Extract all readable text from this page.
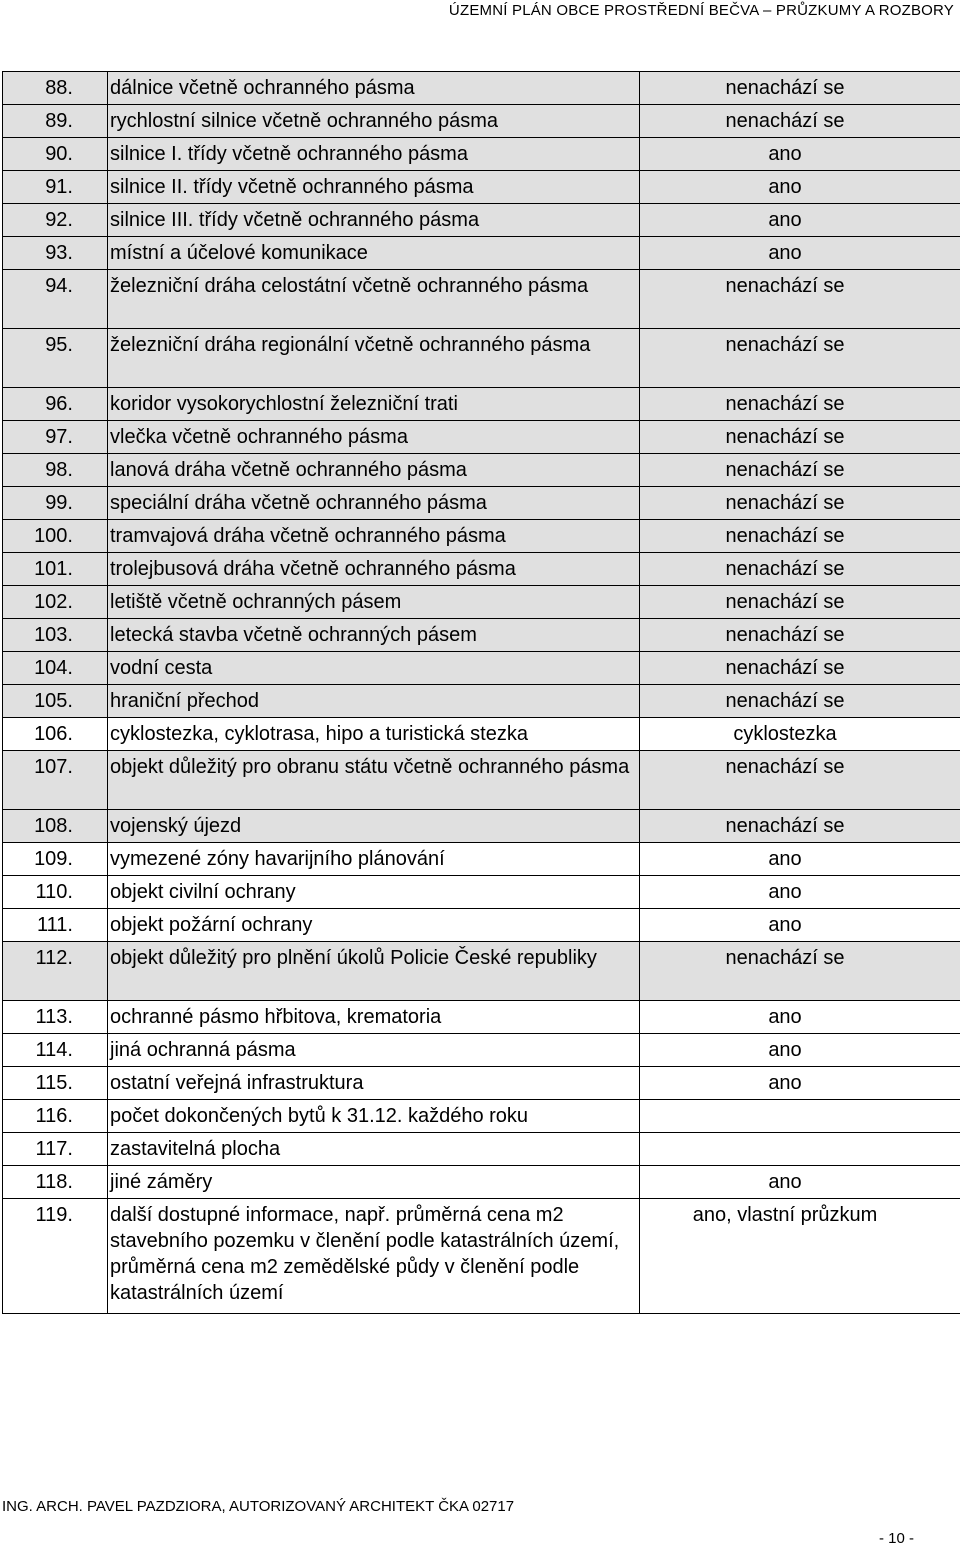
ÚZEMNÍ PLÁN OBCE PROSTŘEDNÍ BEČVA – PRŮZKUMY A ROZBORY
88.	dálnice včetně ochranného pásma	nenachází se
89.	rychlostní silnice včetně ochranného pásma	nenachází se
90.	silnice I. třídy včetně ochranného pásma	ano
91.	silnice II. třídy včetně ochranného pásma	ano
92.	silnice III. třídy včetně ochranného pásma	ano
93.	místní a účelové komunikace	ano
94.	železniční dráha celostátní včetně ochranného pásma	nenachází se
95.	železniční dráha regionální včetně ochranného pásma	nenachází se
96.	koridor vysokorychlostní železniční trati	nenachází se
97.	vlečka včetně ochranného pásma	nenachází se
98.	lanová dráha včetně ochranného pásma	nenachází se
99.	speciální dráha včetně ochranného pásma	nenachází se
100.	tramvajová dráha včetně ochranného pásma	nenachází se
101.	trolejbusová dráha včetně ochranného pásma	nenachází se
102.	letiště včetně ochranných pásem	nenachází se
103.	letecká stavba včetně ochranných pásem	nenachází se
104.	vodní cesta	nenachází se
105.	hraniční přechod	nenachází se
106.	cyklostezka, cyklotrasa, hipo a turistická stezka	cyklostezka
107.	objekt důležitý pro obranu státu včetně ochranného pásma	nenachází se
108.	vojenský újezd	nenachází se
109.	vymezené zóny havarijního plánování	ano
110.	objekt civilní ochrany	ano
111.	objekt požární ochrany	ano
112.	objekt důležitý pro plnění úkolů Policie České republiky	nenachází se
113.	ochranné pásmo hřbitova, krematoria	ano
114.	jiná ochranná pásma	ano
115.	ostatní veřejná infrastruktura	ano
116.	počet dokončených bytů k 31.12. každého roku	
117.	zastavitelná plocha	
118.	jiné záměry	ano
119.	další dostupné informace, např. průměrná cena m2 stavebního pozemku v členění podle katastrálních území, průměrná cena m2 zemědělské půdy v členění podle katastrálních území	ano, vlastní průzkum
ING. ARCH. PAVEL PAZDZIORA, AUTORIZOVANÝ ARCHITEKT ČKA 02717
- 10 -
